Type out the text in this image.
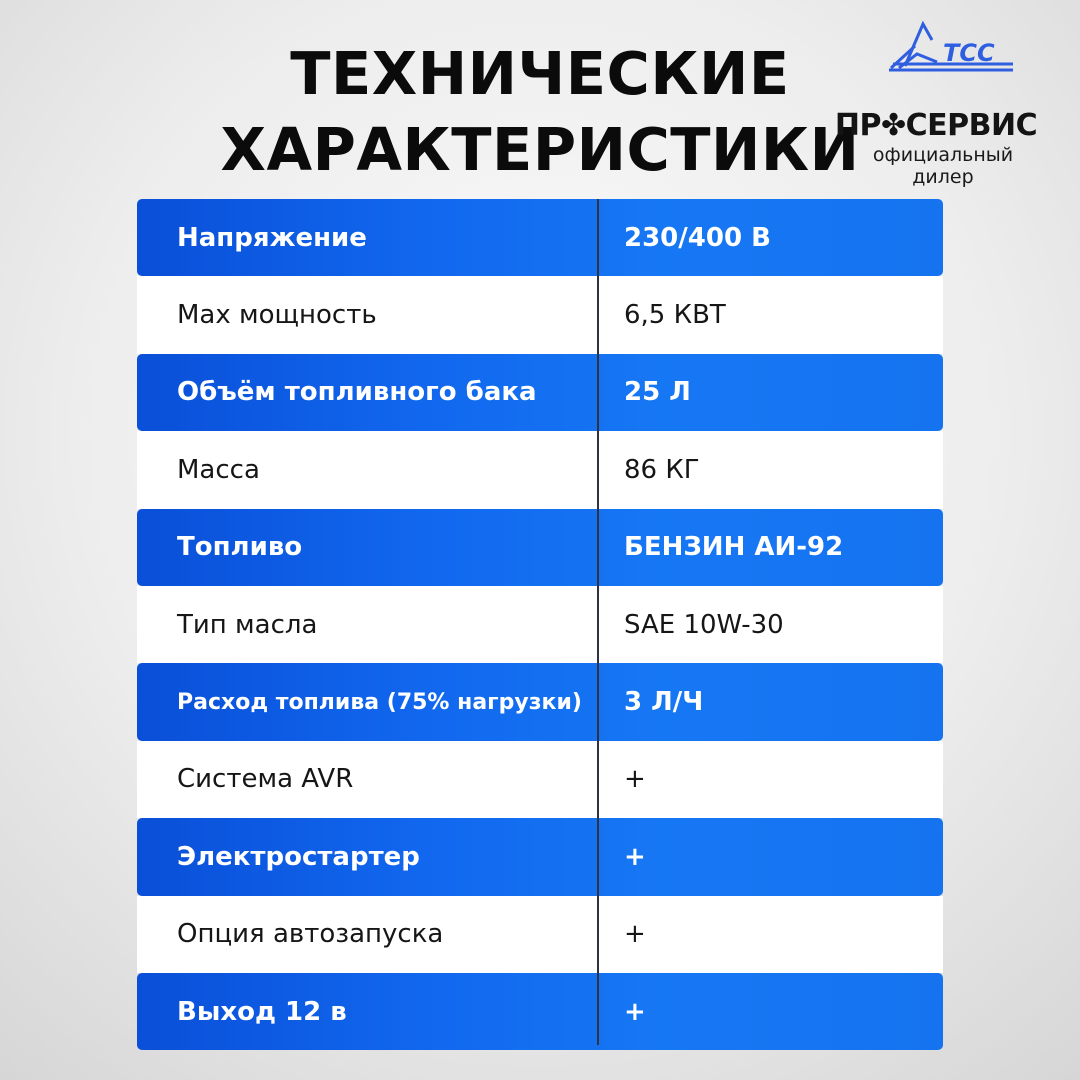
ТЕХНИЧЕСКИЕ
ХАРАКТЕРИСТИКИ
TCC

ПР✤СЕРВИС

официальный
дилер

Напряжение	230/400 В
Max мощность	6,5 КВТ
Объём топливного бака	25 Л
Масса	86 КГ
Топливо	БЕНЗИН АИ-92
Тип масла	SAE 10W-30
Расход топлива (75% нагрузки) 3 Л/Ч
Система AVR	+
Электростартер	+
Опция автозапуска	+
Выход 12 в	+
